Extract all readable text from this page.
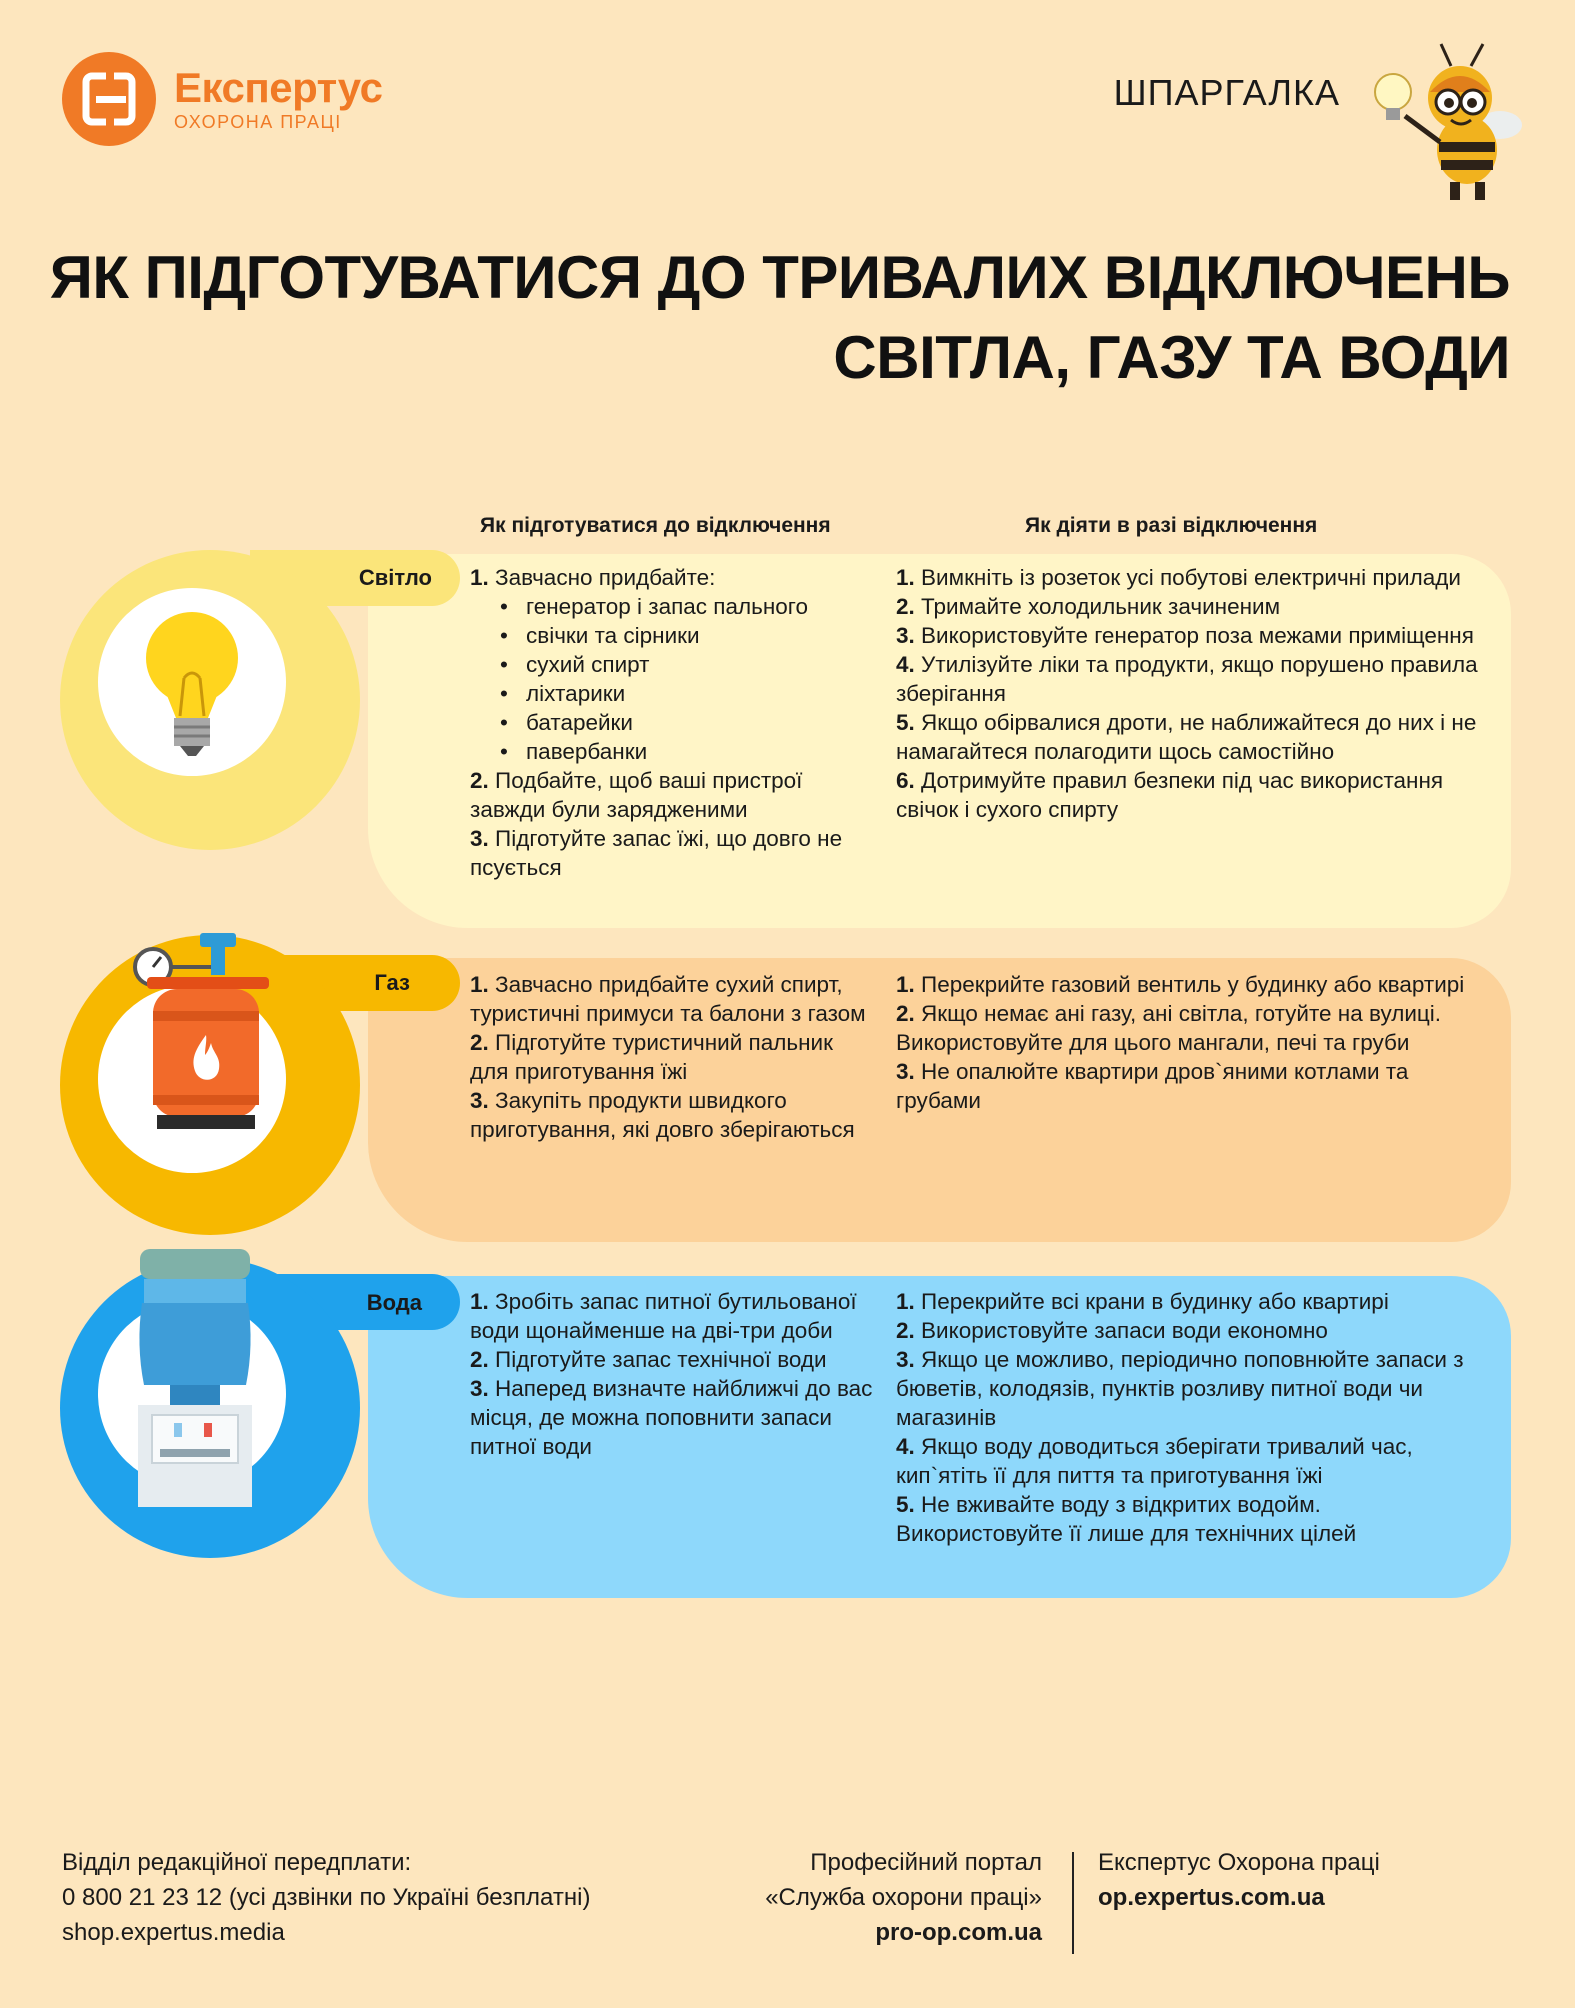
Експертус
ОХОРОНА ПРАЦІ
ШПАРГАЛКА
ЯК ПІДГОТУВАТИСЯ ДО ТРИВАЛИХ ВІДКЛЮЧЕНЬ
СВІТЛА, ГАЗУ ТА ВОДИ
Як підготуватися до відключення	Як діяти в разі відключення
Світло 1. Завчасно придбайте:
• генератор і запас пального
• свічки та сірники
• сухий спирт
• ліхтарики
• батарейки
• павербанки
2. Подбайте, щоб ваші пристрої завжди були зарядженими
3. Підготуйте запас їжі, що довго не псується
1. Вимкніть із розеток усі побутові електричні прилади
2. Тримайте холодильник зачиненим
3. Використовуйте генератор поза межами приміщення
4. Утилізуйте ліки та продукти, якщо порушено правила зберігання
5. Якщо обірвалися дроти, не наближайтеся до них і не намагайтеся полагодити щось самостійно
6. Дотримуйте правил безпеки під час використання свічок і сухого спирту
Газ	1. Завчасно придбайте сухий спирт, туристичні примуси та балони з газом
2. Підготуйте туристичний пальник для приготування їжі
3. Закупіть продукти швидкого приготування, які довго зберігаються
1. Перекрийте газовий вентиль у будинку або квартирі
2. Якщо немає ані газу, ані світла, готуйте на вулиці. Використовуйте для цього мангали, печі та груби
3. Не опалюйте квартири дров`яними котлами та грубами
Вода 1. Зробіть запас питної бутильованої води щонайменше на дві-три доби
2. Підготуйте запас технічної води
3. Наперед визначте найближчі до вас місця, де можна поповнити запаси питної води
1. Перекрийте всі крани в будинку або квартирі
2. Використовуйте запаси води економно
3. Якщо це можливо, періодично поповнюйте запаси з бюветів, колодязів, пунктів розливу питної води чи магазинів
4. Якщо воду доводиться зберігати тривалий час, кип`ятіть її для пиття та приготування їжі
5. Не вживайте воду з відкритих водойм. Використовуйте її лише для технічних цілей
Відділ редакційної передплати:
0 800 21 23 12 (усі дзвінки по Україні безплатні)
shop.expertus.media
Професійний портал
«Служба охорони праці»
pro-op.com.ua
Експертус Охорона праці
op.expertus.com.ua
